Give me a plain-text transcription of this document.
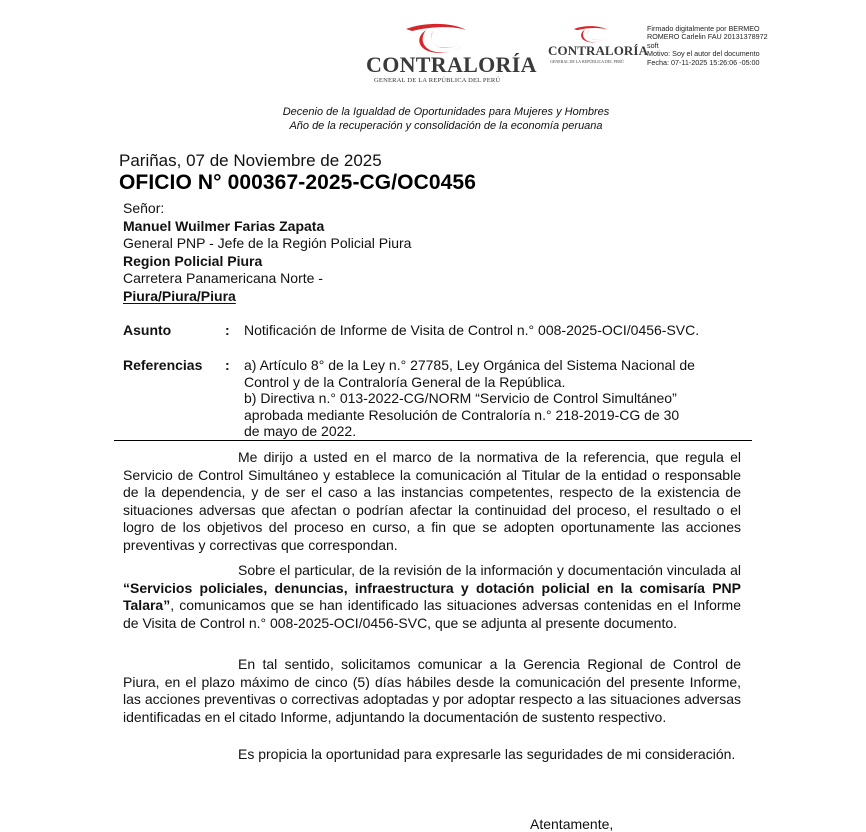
CONTRALORÍA
GENERAL DE LA REPÚBLICA DEL PERÚ
CONTRALORÍA
GENERAL DE LA REPÚBLICA DEL PERÚ
Firmado digitalmente por BERMEO
ROMERO Carlelin FAU 20131378972
soft
Motivo: Soy el autor del documento
Fecha: 07-11-2025 15:26:06 -05:00
Decenio de la Igualdad de Oportunidades para Mujeres y Hombres
Año de la recuperación y consolidación de la economía peruana
Pariñas, 07 de Noviembre de 2025
OFICIO N° 000367-2025-CG/OC0456
Señor:
Manuel Wuilmer Farias Zapata
General PNP - Jefe de la Región Policial Piura
Region Policial Piura
Carretera Panamericana Norte -
Piura/Piura/Piura
Asunto	: Notificación de Informe de Visita de Control n.° 008-2025-OCI/0456-SVC.
Referencias : a) Artículo 8° de la Ley n.° 27785, Ley Orgánica del Sistema Nacional de
Control y de la Contraloría General de la República.
b) Directiva n.° 013-2022-CG/NORM “Servicio de Control Simultáneo”
aprobada mediante Resolución de Contraloría n.° 218-2019-CG de 30
de mayo de 2022.

Me dirijo a usted en el marco de la normativa de la referencia, que regula el Servicio de Control Simultáneo y establece la comunicación al Titular de la entidad o responsable de la dependencia, y de ser el caso a las instancias competentes, respecto de la existencia de situaciones adversas que afectan o podrían afectar la continuidad del proceso, el resultado o el logro de los objetivos del proceso en curso, a fin que se adopten oportunamente las acciones preventivas y correctivas que correspondan.

Sobre el particular, de la revisión de la información y documentación vinculada al “Servicios policiales, denuncias, infraestructura y dotación policial en la comisaría PNP Talara”, comunicamos que se han identificado las situaciones adversas contenidas en el Informe de Visita de Control n.° 008-2025-OCI/0456-SVC, que se adjunta al presente documento.

En tal sentido, solicitamos comunicar a la Gerencia Regional de Control de Piura, en el plazo máximo de cinco (5) días hábiles desde la comunicación del presente Informe, las acciones preventivas o correctivas adoptadas y por adoptar respecto a las situaciones adversas identificadas en el citado Informe, adjuntando la documentación de sustento respectivo.

Es propicia la oportunidad para expresarle las seguridades de mi consideración.

Atentamente,
